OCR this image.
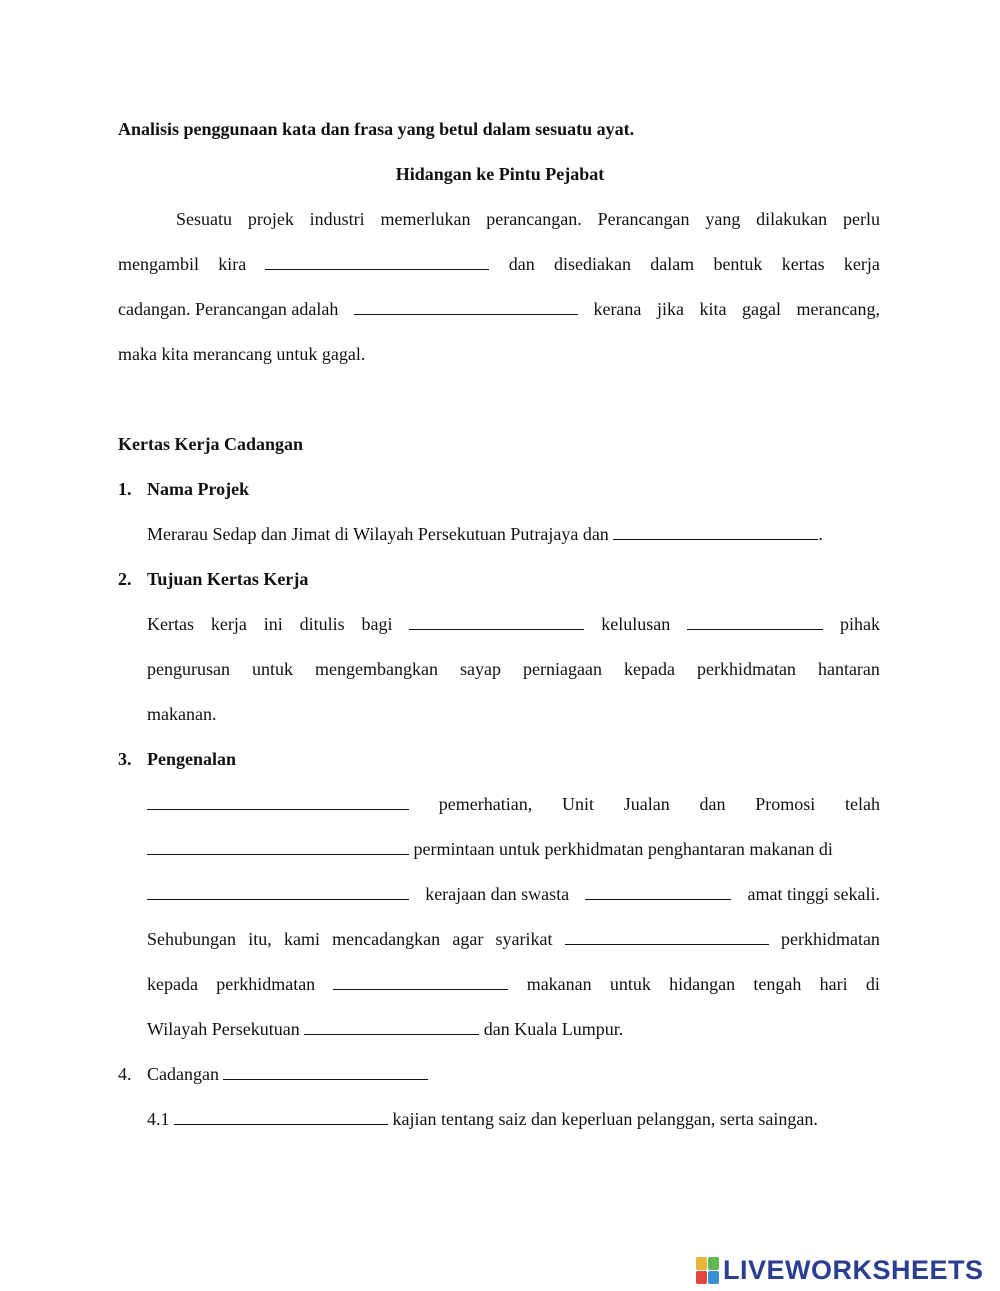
Analisis penggunaan kata dan frasa yang betul dalam sesuatu ayat.
Hidangan ke Pintu Pejabat
Sesuatu projek industri memerlukan perancangan. Perancangan yang dilakukan perlu
mengambil kira	dan disediakan dalam bentuk kertas kerja
cadangan. Perancangan adalah	kerana jika kita gagal merancang,
maka kita merancang untuk gagal.
Kertas Kerja Cadangan
1. Nama Projek
Merarau Sedap dan Jimat di Wilayah Persekutuan Putrajaya dan	.
2. Tujuan Kertas Kerja
Kertas kerja ini ditulis bagi	kelulusan	pihak
pengurusan untuk mengembangkan sayap perniagaan kepada perkhidmatan hantaran
makanan.
3. Pengenalan
pemerhatian, Unit Jualan dan Promosi telah
permintaan untuk perkhidmatan penghantaran makanan di
kerajaan dan swasta	amat tinggi sekali.
Sehubungan itu, kami mencadangkan agar syarikat	perkhidmatan
kepada perkhidmatan	makanan untuk hidangan tengah hari di
Wilayah Persekutuan	dan Kuala Lumpur.
4. Cadangan
4.1	kajian tentang saiz dan keperluan pelanggan, serta saingan.
LIVEWORKSHEETS
